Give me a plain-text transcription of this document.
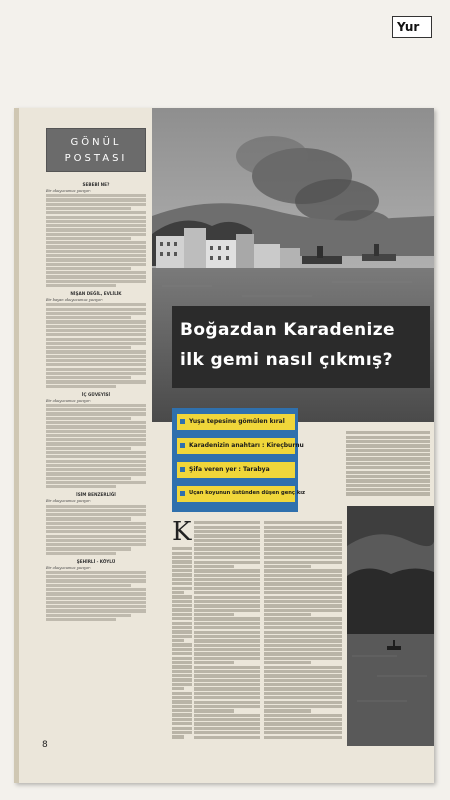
GÖNÜL
POSTASI
SEBEBİ NE?
Bir okuyucumuz yazıyor:
NİŞAN DEĞİL, EVLİLİK
Bir bayan okuyucumuz yazıyor:
İÇ GÜVEYİSİ
Bir okuyucumuz yazıyor:
İSİM BENZERLİĞİ
Bir okuyucumuz yazıyor:
ŞEHİRLİ - KÖYLÜ
Bir okuyucumuz yazıyor:
8
Boğazdan Karadenize
ilk gemi nasıl çıkmış?
Yuşa tepesine gömülen kıral
Karadenizin anahtarı : Kireçburnu
Şifa veren yer : Tarabya
Uçan koyunun üstünden düşen genç kız
K
Yur
